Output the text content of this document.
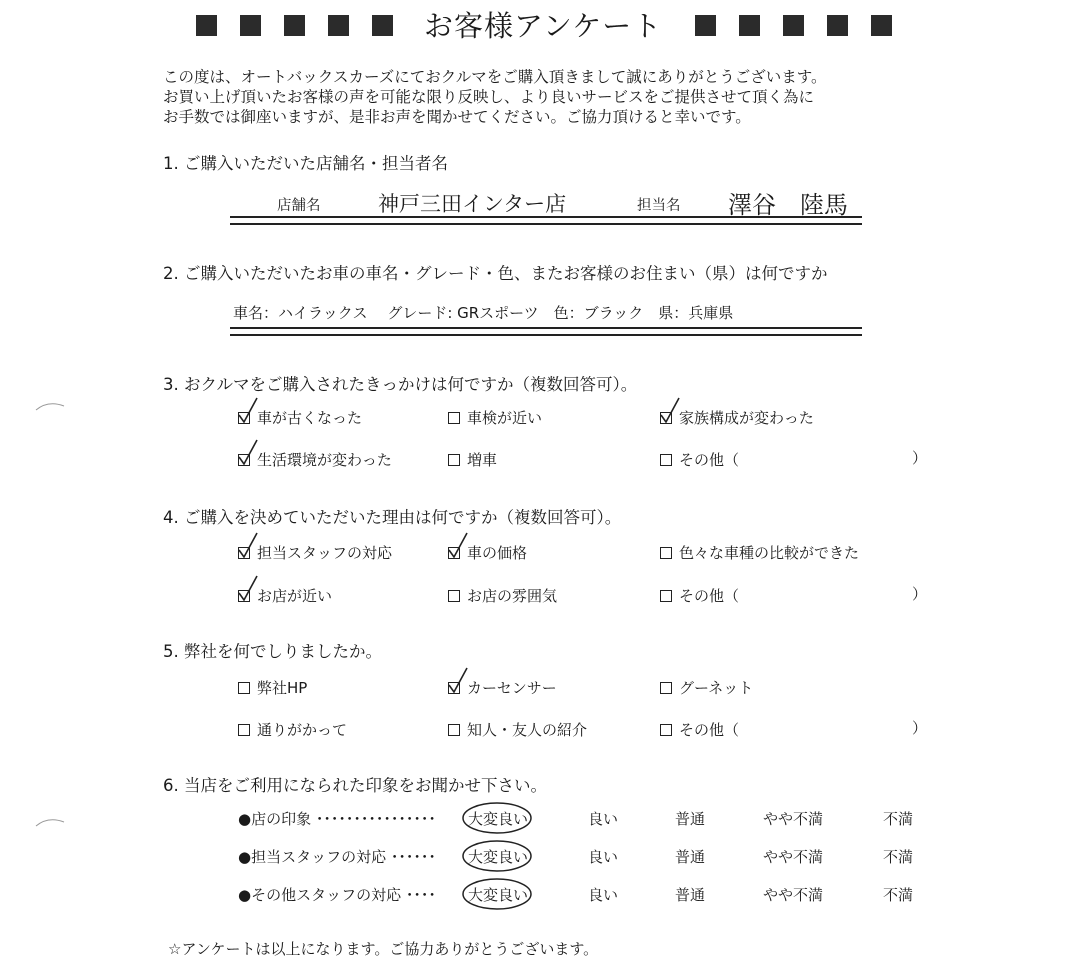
お客様アンケート
この度は、オートバックスカーズにておクルマをご購入頂きまして誠にありがとうございます。
お買い上げ頂いたお客様の声を可能な限り反映し、より良いサービスをご提供させて頂く為に
お手数では御座いますが、是非お声を聞かせてください。ご協力頂けると幸いです。
1. ご購入いただいた店舗名・担当者名
店舗名	神戸三田インター店	担当名 澤谷　陸馬
2. ご購入いただいたお車の車名・グレード・色、またお客様のお住まい（県）は何ですか
車名：ハイラックス　 グレード: GRスポーツ　色：ブラック　県：兵庫県
3. おクルマをご購入されたきっかけは何ですか（複数回答可）。
車が古くなった	車検が近い	家族構成が変わった
生活環境が変わった	増車	その他（	）
4. ご購入を決めていただいた理由は何ですか（複数回答可）。
担当スタッフの対応	車の価格	色々な車種の比較ができた
お店が近い	お店の雰囲気	その他（	）
5. 弊社を何でしりましたか。
弊社HP	カーセンサー	グーネット
通りがかって	知人・友人の紹介	その他（	）
6. 当店をご利用になられた印象をお聞かせ下さい。
●店の印象 ････････････････ 大変良い	良い	普通	やや不満	不満
●担当スタッフの対応 ･･････ 大変良い	良い	普通	やや不満	不満
●その他スタッフの対応 ････ 大変良い	良い	普通	やや不満	不満
☆アンケートは以上になります。ご協力ありがとうございます。
